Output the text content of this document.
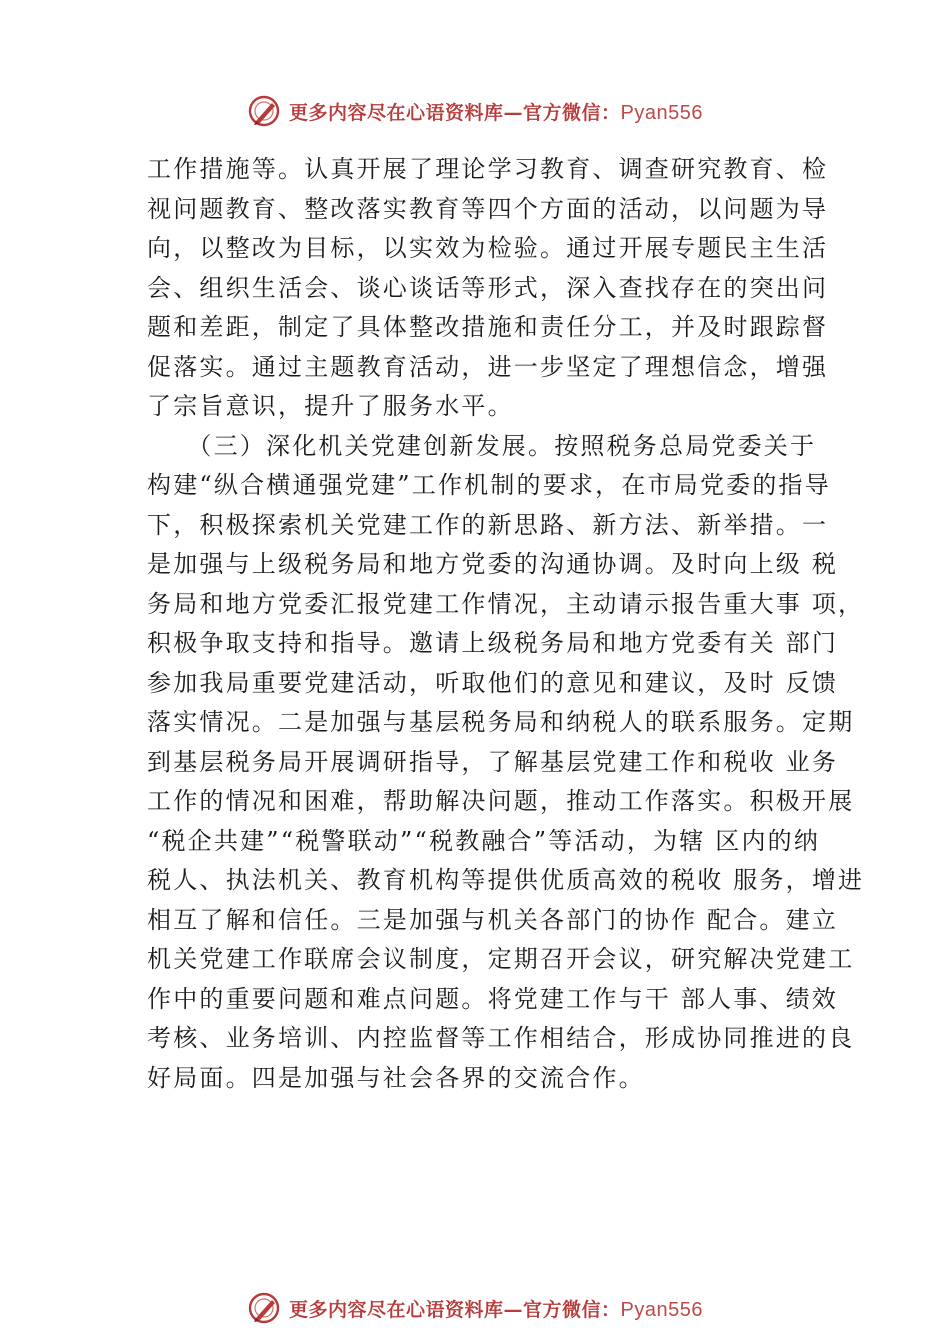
更多内容尽在心语资料库—官方微信：Pyan556
工作措施等。认真开展了理论学习教育、调查研究教育、检
视问题教育、整改落实教育等四个方面的活动，以问题为导
向，以整改为目标，以实效为检验。通过开展专题民主生活
会、组织生活会、谈心谈话等形式，深入查找存在的突出问
题和差距，制定了具体整改措施和责任分工，并及时跟踪督
促落实。通过主题教育活动，进一步坚定了理想信念，增强
了宗旨意识，提升了服务水平。
　　（三）深化机关党建创新发展。按照税务总局党委关于
构建“纵合横通强党建”工作机制的要求，在市局党委的指导
下，积极探索机关党建工作的新思路、新方法、新举措。一
是加强与上级税务局和地方党委的沟通协调。及时向上级 税
务局和地方党委汇报党建工作情况，主动请示报告重大事 项，
积极争取支持和指导。邀请上级税务局和地方党委有关 部门
参加我局重要党建活动，听取他们的意见和建议，及时 反馈
落实情况。二是加强与基层税务局和纳税人的联系服务。定期
到基层税务局开展调研指导，了解基层党建工作和税收 业务
工作的情况和困难，帮助解决问题，推动工作落实。积极开展
“税企共建”“税警联动”“税教融合”等活动，为辖 区内的纳
税人、执法机关、教育机构等提供优质高效的税收 服务，增进
相互了解和信任。三是加强与机关各部门的协作 配合。建立
机关党建工作联席会议制度，定期召开会议，研究解决党建工
作中的重要问题和难点问题。将党建工作与干 部人事、绩效
考核、业务培训、内控监督等工作相结合，形成协同推进的良
好局面。四是加强与社会各界的交流合作。
更多内容尽在心语资料库—官方微信：Pyan556
